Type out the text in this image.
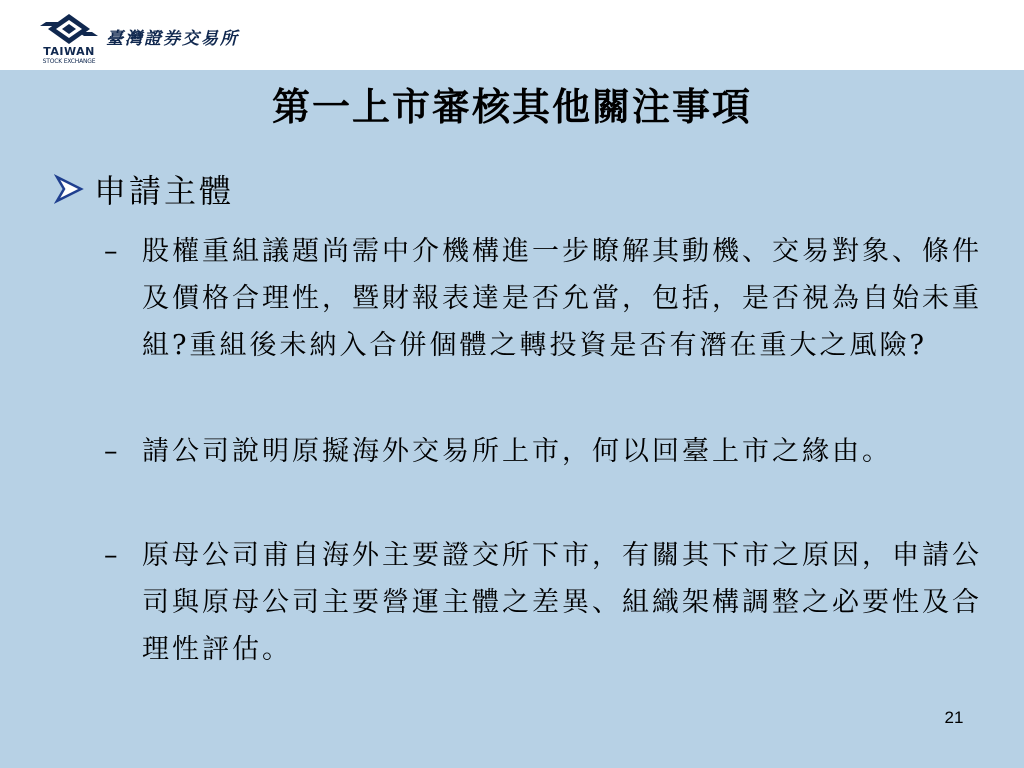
TAIWAN
STOCK EXCHANGE
臺灣證券交易所
第一上市審核其他關注事項
申請主體
– 股權重組議題尚需中介機構進一步瞭解其動機、交易對象、條件及價格合理性，暨財報表達是否允當，包括，是否視為自始未重組?重組後未納入合併個體之轉投資是否有潛在重大之風險?
– 請公司說明原擬海外交易所上市，何以回臺上市之緣由。
– 原母公司甫自海外主要證交所下市，有關其下市之原因，申請公司與原母公司主要營運主體之差異、組織架構調整之必要性及合理性評估。
21
